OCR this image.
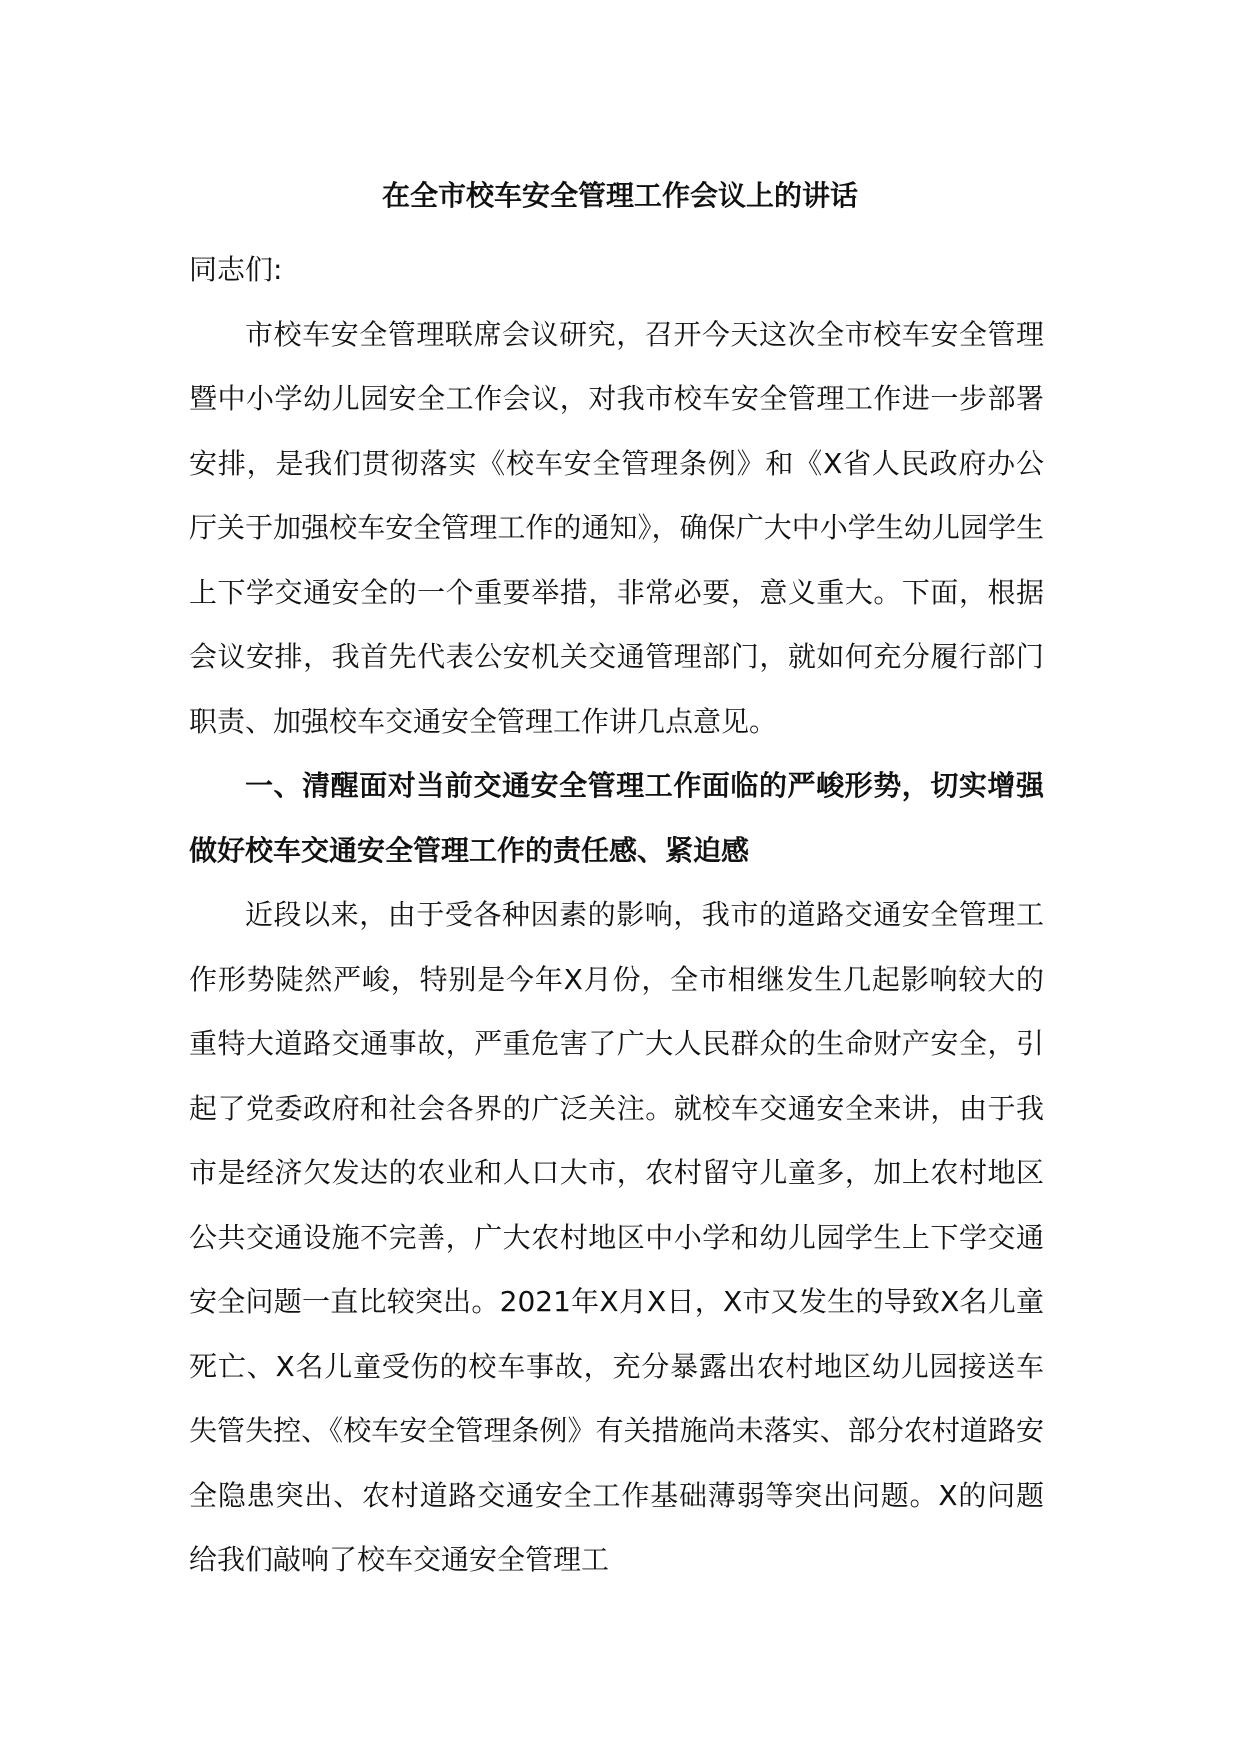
在全市校车安全管理工作会议上的讲话

同志们:

市校车安全管理联席会议研究，召开今天这次全市校车安全管理暨中小学幼儿园安全工作会议，对我市校车安全管理工作进一步部署安排，是我们贯彻落实《校车安全管理条例》和《X省人民政府办公厅关于加强校车安全管理工作的通知》，确保广大中小学生幼儿园学生上下学交通安全的一个重要举措，非常必要，意义重大。下面，根据会议安排，我首先代表公安机关交通管理部门，就如何充分履行部门职责、加强校车交通安全管理工作讲几点意见。

一、清醒面对当前交通安全管理工作面临的严峻形势，切实增强做好校车交通安全管理工作的责任感、紧迫感

近段以来，由于受各种因素的影响，我市的道路交通安全管理工作形势陡然严峻，特别是今年X月份，全市相继发生几起影响较大的重特大道路交通事故，严重危害了广大人民群众的生命财产安全，引起了党委政府和社会各界的广泛关注。就校车交通安全来讲，由于我市是经济欠发达的农业和人口大市，农村留守儿童多，加上农村地区公共交通设施不完善，广大农村地区中小学和幼儿园学生上下学交通安全问题一直比较突出。2021年X月X日，X市又发生的导致X名儿童死亡、X名儿童受伤的校车事故，充分暴露出农村地区幼儿园接送车失管失控、《校车安全管理条例》有关措施尚未落实、部分农村道路安全隐患突出、农村道路交通安全工作基础薄弱等突出问题。X的问题给我们敲响了校车交通安全管理工
